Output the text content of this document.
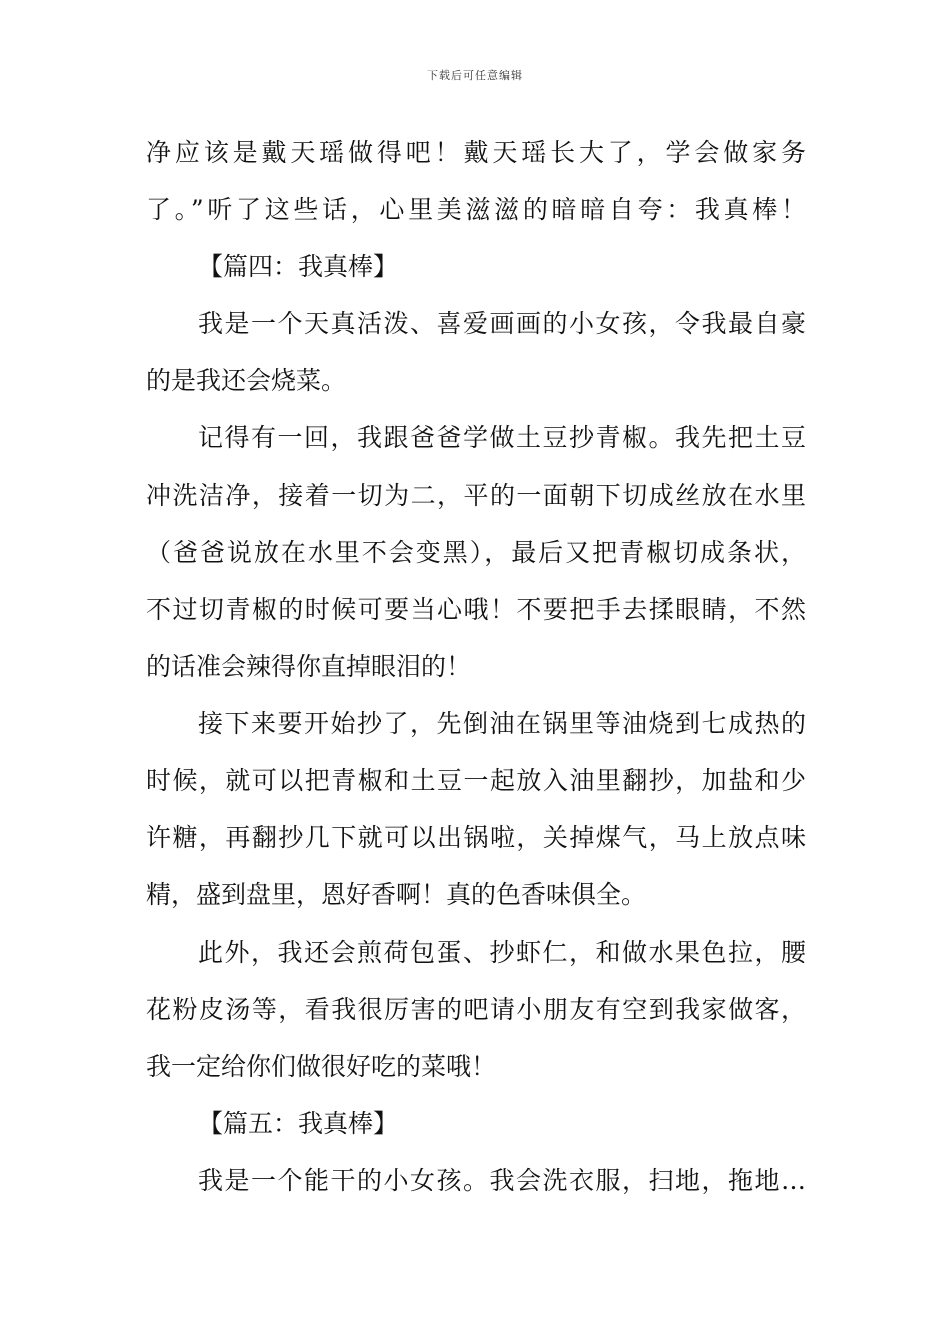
下载后可任意编辑
净应该是戴天瑶做得吧！戴天瑶长大了，学会做家务
了。”听了这些话，心里美滋滋的暗暗自夸：我真棒！
【篇四：我真棒】
我是一个天真活泼、喜爱画画的小女孩，令我最自豪
的是我还会烧菜。
记得有一回，我跟爸爸学做土豆抄青椒。我先把土豆
冲洗洁净，接着一切为二，平的一面朝下切成丝放在水里
（爸爸说放在水里不会变黑），最后又把青椒切成条状，
不过切青椒的时候可要当心哦！不要把手去揉眼睛，不然
的话准会辣得你直掉眼泪的！
接下来要开始抄了，先倒油在锅里等油烧到七成热的
时候，就可以把青椒和土豆一起放入油里翻抄，加盐和少
许糖，再翻抄几下就可以出锅啦，关掉煤气，马上放点味
精，盛到盘里，恩好香啊！真的色香味俱全。
此外，我还会煎荷包蛋、抄虾仁，和做水果色拉，腰
花粉皮汤等，看我很厉害的吧请小朋友有空到我家做客，
我一定给你们做很好吃的菜哦！
【篇五：我真棒】
我是一个能干的小女孩。我会洗衣服，扫地，拖地…
